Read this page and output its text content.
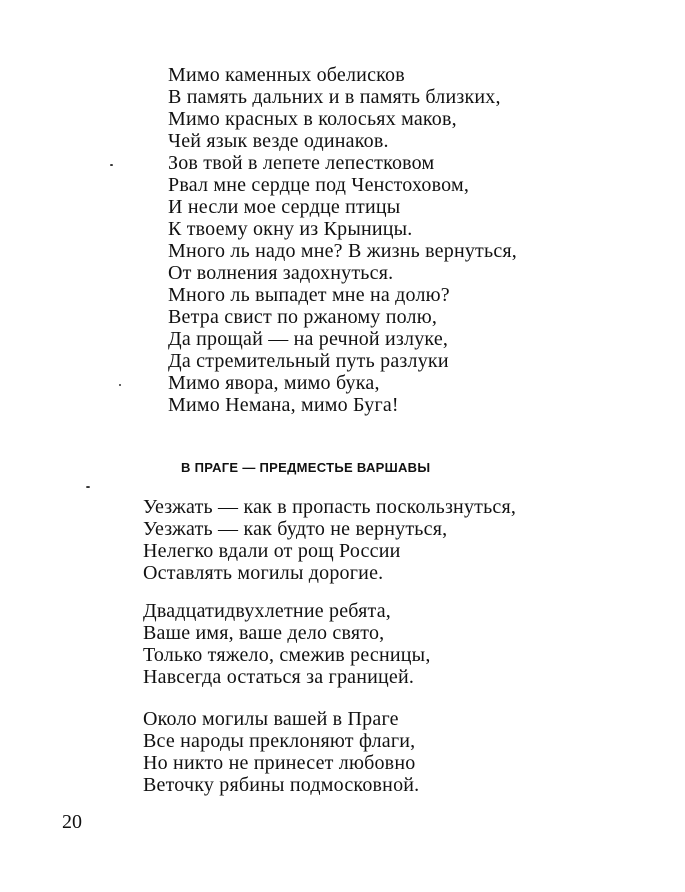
Мимо каменных обелисков
В память дальних и в память близких,
Мимо красных в колосьях маков,
Чей язык везде одинаков.
Зов твой в лепете лепестковом
Рвал мне сердце под Ченстоховом,
И несли мое сердце птицы
К твоему окну из Крыницы.
Много ль надо мне? В жизнь вернуться,
От волнения задохнуться.
Много ль выпадет мне на долю?
Ветра свист по ржаному полю,
Да прощай — на речной излуке,
Да стремительный путь разлуки
Мимо явора, мимо бука,
Мимо Немана, мимо Буга!
В ПРАГЕ — ПРЕДМЕСТЬЕ ВАРШАВЫ
Уезжать — как в пропасть поскользнуться,
Уезжать — как будто не вернуться,
Нелегко вдали от рощ России
Оставлять могилы дорогие.
Двадцатидвухлетние ребята,
Ваше имя, ваше дело свято,
Только тяжело, смежив ресницы,
Навсегда остаться за границей.
Около могилы вашей в Праге
Все народы преклоняют флаги,
Но никто не принесет любовно
Веточку рябины подмосковной.
20
